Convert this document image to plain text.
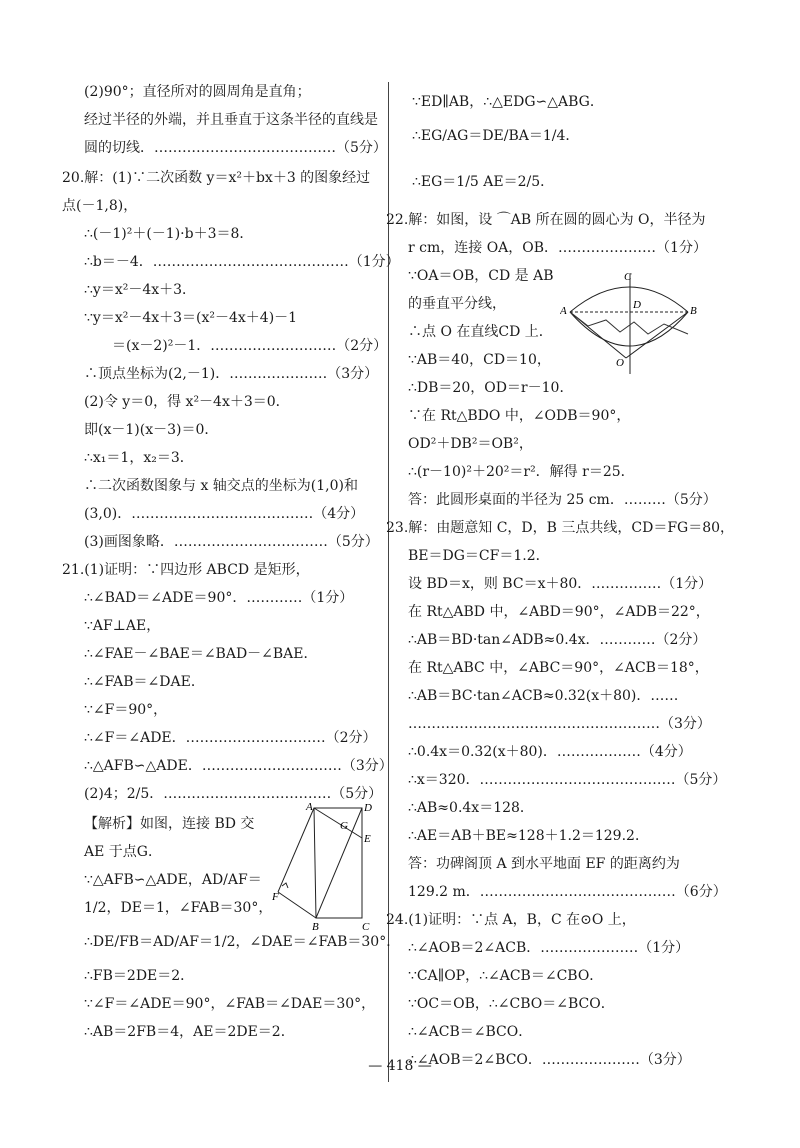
(2)90°；直径所对的圆周角是直角；
经过半径的外端，并且垂直于这条半径的直线是
圆的切线．…………………………………（5分）
20.解：(1)∵二次函数 y＝x²＋bx＋3 的图象经过
点(－1,8)，
∴(－1)²＋(－1)·b＋3＝8．
∴b＝－4．……………………………………（1分）
∴y＝x²－4x＋3．
∵y＝x²－4x＋3＝(x²－4x＋4)－1
　　＝(x－2)²－1．………………………（2分）
∴顶点坐标为(2,－1)．…………………（3分）
(2)令 y＝0，得 x²－4x＋3＝0．
即(x－1)(x－3)＝0．
∴x₁＝1，x₂＝3．
∴二次函数图象与 x 轴交点的坐标为(1,0)和
(3,0)．…………………………………（4分）
(3)画图象略．……………………………（5分）
21.(1)证明：∵四边形 ABCD 是矩形，
∴∠BAD＝∠ADE＝90°．…………（1分）
∵AF⊥AE，
∴∠FAE－∠BAE＝∠BAD－∠BAE．
∴∠FAB＝∠DAE．
∵∠F＝90°，
∴∠F＝∠ADE．…………………………（2分）
∴△AFB∽△ADE．…………………………（3分）
(2)4；2/5．………………………………（5分）
【解析】如图，连接 BD 交
AE 于点G．
∵△AFB∽△ADE，AD/AF＝
1/2，DE＝1，∠FAB＝30°，
∴DE/FB＝AD/AF＝1/2，∠DAE＝∠FAB＝30°．
∴FB＝2DE＝2．
∵∠F＝∠ADE＝90°，∠FAB＝∠DAE＝30°，
∴AB＝2FB＝4，AE＝2DE＝2．
A	D
G
E
F
B	C
∵ED∥AB，∴△EDG∽△ABG．
∴EG/AG＝DE/BA＝1/4．
∴EG＝1/5 AE＝2/5．
22.解：如图，设 ⌒AB 所在圆的圆心为 O，半径为
r cm，连接 OA，OB．…………………（1分）
∵OA＝OB，CD 是 AB
的垂直平分线，
∴点 O 在直线CD 上．
∵AB＝40，CD＝10，
∴DB＝20，OD＝r－10．
∵在 Rt△BDO 中，∠ODB＝90°，
OD²＋DB²＝OB²，
∴(r－10)²＋20²＝r²．解得 r＝25．
答：此圆形桌面的半径为 25 cm．………（5分）
23.解：由题意知 C，D，B 三点共线，CD＝FG＝80，
BE＝DG＝CF＝1.2．
设 BD＝x，则 BC＝x＋80．……………（1分）
在 Rt△ABD 中，∠ABD＝90°，∠ADB＝22°，
∴AB＝BD·tan∠ADB≈0.4x．…………（2分）
在 Rt△ABC 中，∠ABC＝90°，∠ACB＝18°，
∴AB＝BC·tan∠ACB≈0.32(x＋80)．……
………………………………………………（3分）
∴0.4x＝0.32(x＋80)．………………（4分）
∴x＝320．……………………………………（5分）
∴AB≈0.4x＝128．
∴AE＝AB＋BE≈128＋1.2＝129.2．
答：功碑阁顶 A 到水平地面 EF 的距离约为
129.2 m．……………………………………（6分）
24.(1)证明：∵点 A，B，C 在⊙O 上，
∴∠AOB＝2∠ACB．…………………（1分）
∵CA∥OP，∴∠ACB＝∠CBO．
∵OC＝OB，∴∠CBO＝∠BCO．
∴∠ACB＝∠BCO．
∴∠AOB＝2∠BCO．…………………（3分）
C
A	D	B
O
— 418 —
